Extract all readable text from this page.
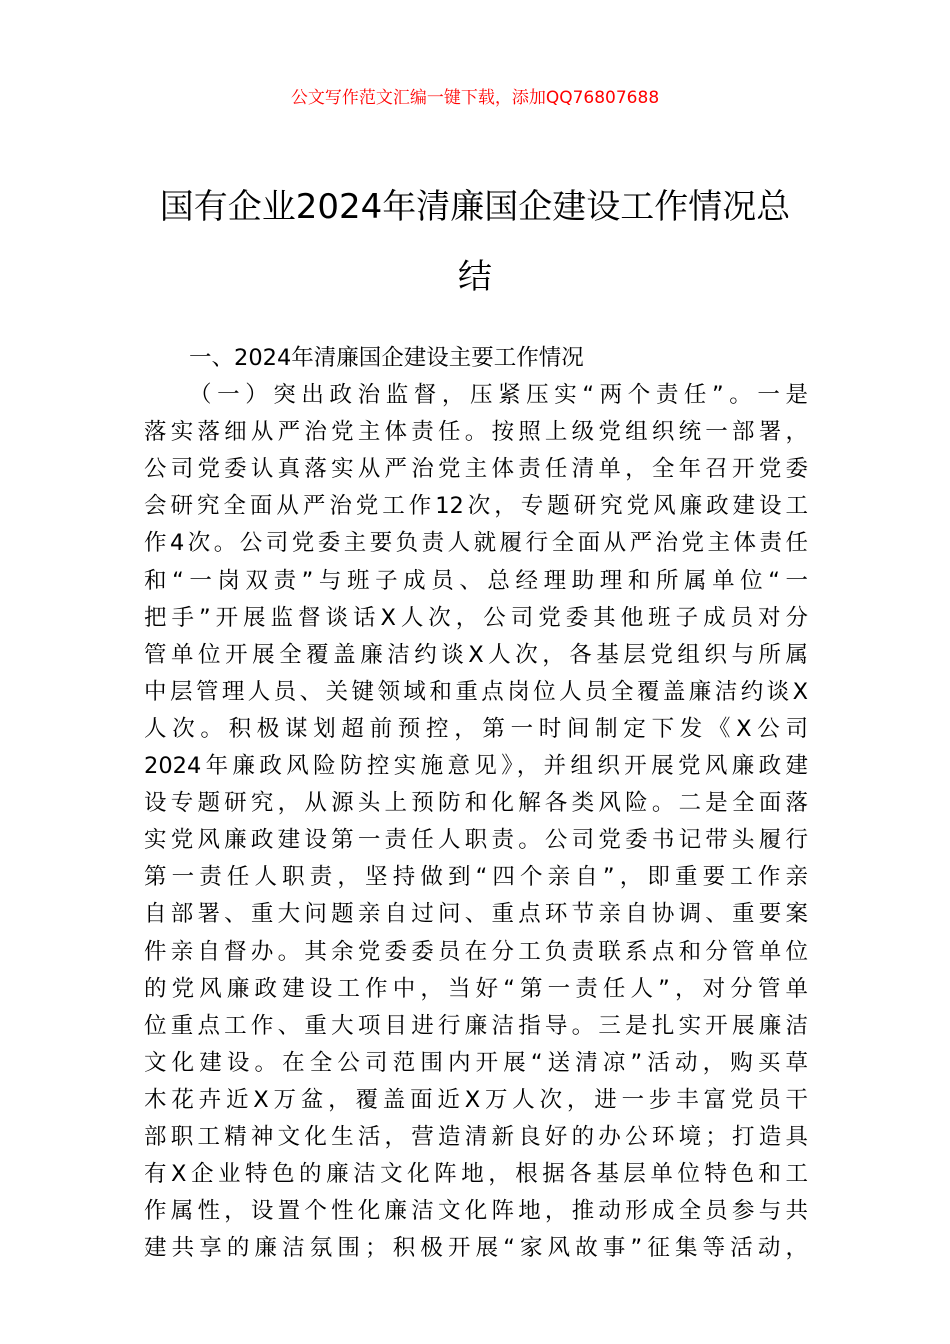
公文写作范文汇编一键下载，添加QQ76807688
国有企业2024年清廉国企建设工作情况总
结
一、2024年清廉国企建设主要工作情况
（一）突出政治监督，压紧压实“两个责任”。一是
落实落细从严治党主体责任。按照上级党组织统一部署，
公司党委认真落实从严治党主体责任清单，全年召开党委
会研究全面从严治党工作12次，专题研究党风廉政建设工
作4次。公司党委主要负责人就履行全面从严治党主体责任
和“一岗双责”与班子成员、总经理助理和所属单位“一
把手”开展监督谈话X人次，公司党委其他班子成员对分
管单位开展全覆盖廉洁约谈X人次，各基层党组织与所属
中层管理人员、关键领域和重点岗位人员全覆盖廉洁约谈X
人次。积极谋划超前预控，第一时间制定下发《X公司
2024年廉政风险防控实施意见》，并组织开展党风廉政建
设专题研究，从源头上预防和化解各类风险。二是全面落
实党风廉政建设第一责任人职责。公司党委书记带头履行
第一责任人职责，坚持做到“四个亲自”，即重要工作亲
自部署、重大问题亲自过问、重点环节亲自协调、重要案
件亲自督办。其余党委委员在分工负责联系点和分管单位
的党风廉政建设工作中，当好“第一责任人”，对分管单
位重点工作、重大项目进行廉洁指导。三是扎实开展廉洁
文化建设。在全公司范围内开展“送清凉”活动，购买草
木花卉近X万盆，覆盖面近X万人次，进一步丰富党员干
部职工精神文化生活，营造清新良好的办公环境；打造具
有X企业特色的廉洁文化阵地，根据各基层单位特色和工
作属性，设置个性化廉洁文化阵地，推动形成全员参与共
建共享的廉洁氛围；积极开展“家风故事”征集等活动，
